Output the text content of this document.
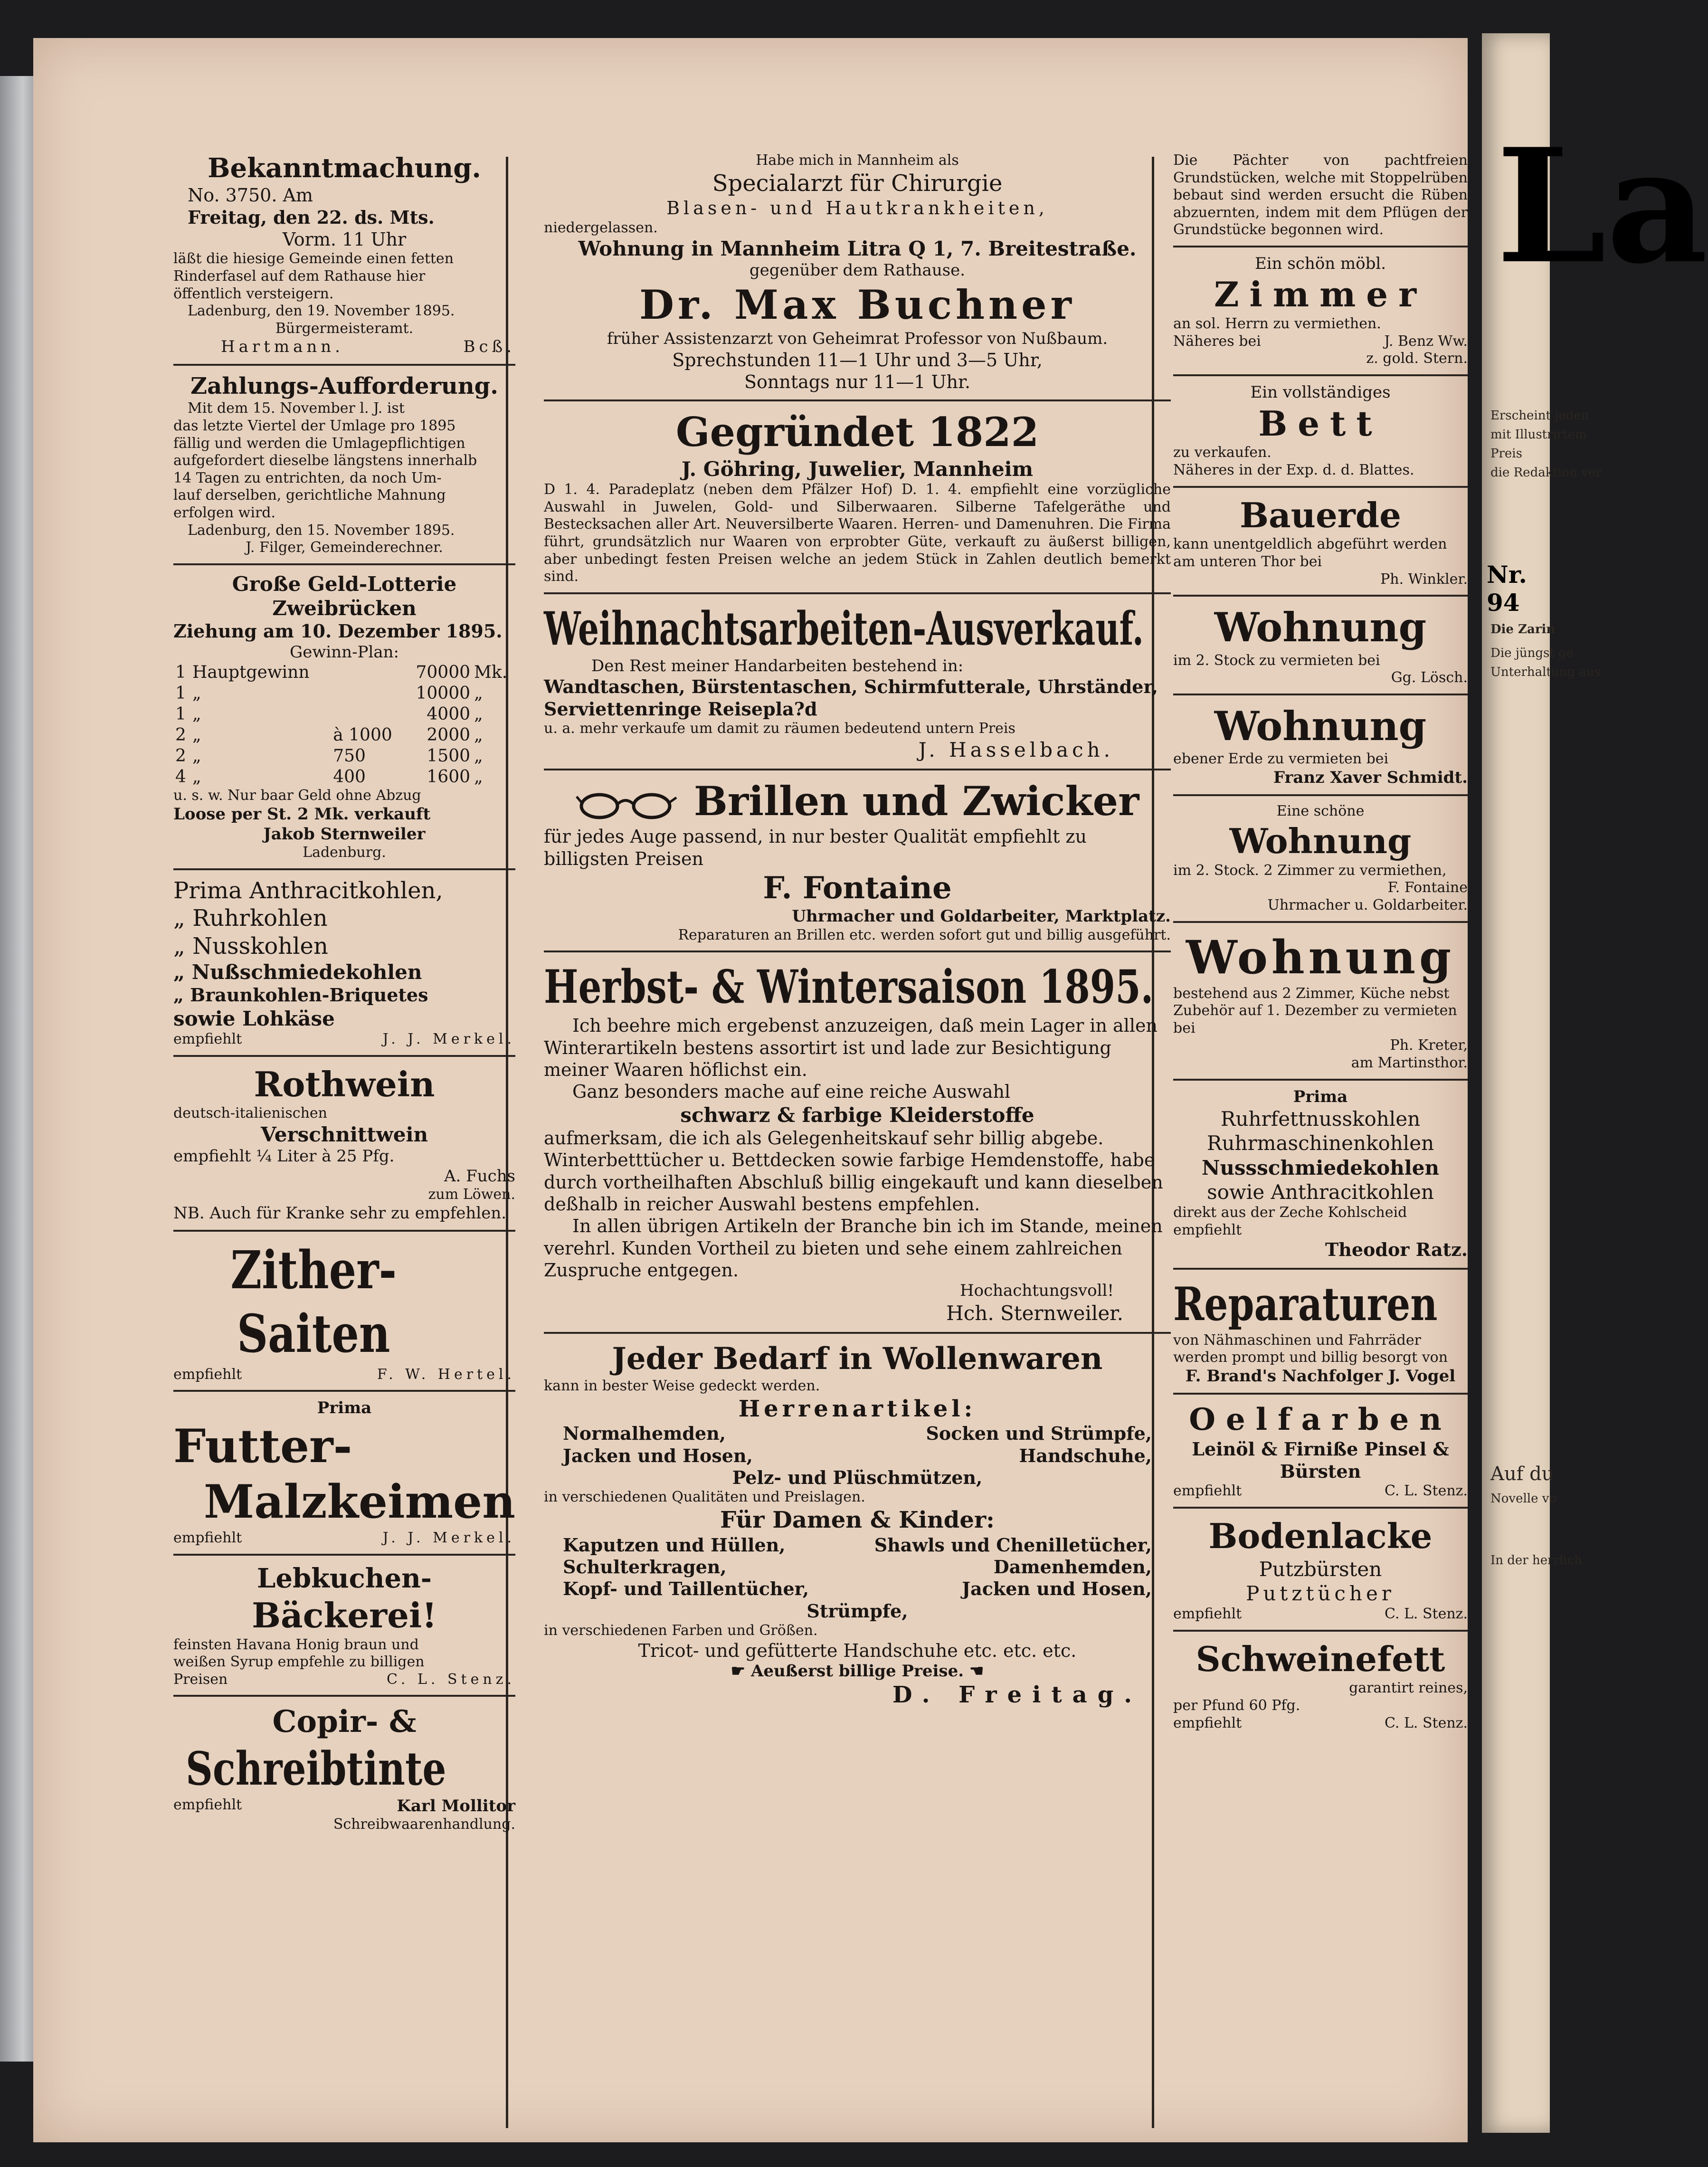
Bekanntmachung.
No. 3750. Am
Freitag, den 22. ds. Mts.
Vorm. 11 Uhr
läßt die hiesige Gemeinde einen fetten
Rinderfasel auf dem Rathause hier
öffentlich versteigern.
Ladenburg, den 19. November 1895.
Bürgermeisteramt.
Hartmann.	Bcß.
Zahlungs-Aufforderung.
Mit dem 15. November l. J. ist
das letzte Viertel der Umlage pro 1895
fällig und werden die Umlagepflichtigen
aufgefordert dieselbe längstens innerhalb
14 Tagen zu entrichten, da noch Um-
lauf derselben, gerichtliche Mahnung
erfolgen wird.
Ladenburg, den 15. November 1895.
J. Filger, Gemeinderechner.
Große Geld-Lotterie
Zweibrücken
Ziehung am 10. Dezember 1895.
Gewinn-Plan:
1	Hauptgewinn		70000	Mk.
1	„		10000	„
1	„		4000	„
2	„	à 1000	2000	„
2	„	750	1500	„
4	„	400	1600	„
u. s. w. Nur baar Geld ohne Abzug
Loose per St. 2 Mk. verkauft
Jakob Sternweiler
Ladenburg.
Prima Anthracitkohlen,
„ Ruhrkohlen
„ Nusskohlen
„ Nußschmiedekohlen
„ Braunkohlen-Briquetes
sowie Lohkäse
empfiehlt	J. J. Merkel.
Rothwein
deutsch-italienischen
Verschnittwein
empfiehlt ¼ Liter à 25 Pfg.
A. Fuchs
zum Löwen.
NB. Auch für Kranke sehr zu empfehlen.
Zither-Saiten
empfiehlt	F. W. Hertel.
Prima
Futter-
Malzkeimen
empfiehlt	J. J. Merkel.
Lebkuchen-
Bäckerei!
feinsten Havana Honig braun und
weißen Syrup empfehle zu billigen
Preisen	C. L. Stenz.
Copir- &
Schreibtinte
empfiehlt	Karl Mollitor
Schreibwaarenhandlung.
Habe mich in Mannheim als
Specialarzt für Chirurgie
Blasen- und Hautkrankheiten,
niedergelassen.
Wohnung in Mannheim Litra Q 1, 7. Breitestraße.
gegenüber dem Rathause.
Dr. Max Buchner
früher Assistenzarzt von Geheimrat Professor von Nußbaum.
Sprechstunden 11—1 Uhr und 3—5 Uhr,
Sonntags nur 11—1 Uhr.
Gegründet 1822
J. Göhring, Juwelier, Mannheim
D 1. 4. Paradeplatz (neben dem Pfälzer Hof) D. 1. 4. empfiehlt eine vorzügliche Auswahl in Juwelen, Gold- und Silberwaaren. Silberne Tafelgeräthe und Bestecksachen aller Art. Neuversilberte Waaren. Herren- und Damenuhren. Die Firma führt, grundsätzlich nur Waaren von erprobter Güte, verkauft zu äußerst billigen, aber unbedingt festen Preisen welche an jedem Stück in Zahlen deutlich bemerkt sind.
Weihnachtsarbeiten-Ausverkauf.
Den Rest meiner Handarbeiten bestehend in:
Wandtaschen, Bürstentaschen, Schirmfutterale, Uhrständer, Serviettenringe Reisepla?d
u. a. mehr verkaufe um damit zu räumen bedeutend untern Preis
J. Hasselbach.
Brillen und Zwicker
für jedes Auge passend, in nur bester Qualität empfiehlt zu billigsten Preisen
F. Fontaine
Uhrmacher und Goldarbeiter, Marktplatz.
Reparaturen an Brillen etc. werden sofort gut und billig ausgeführt.
Herbst- & Wintersaison 1895.
Ich beehre mich ergebenst anzuzeigen, daß mein Lager in allen Winterartikeln bestens assortirt ist und lade zur Besichtigung meiner Waaren höflichst ein.
Ganz besonders mache auf eine reiche Auswahl
schwarz & farbige Kleiderstoffe
aufmerksam, die ich als Gelegenheitskauf sehr billig abgebe. Winterbetttücher u. Bettdecken sowie farbige Hemdenstoffe, habe durch vortheilhaften Abschluß billig eingekauft und kann dieselben deßhalb in reicher Auswahl bestens empfehlen.
In allen übrigen Artikeln der Branche bin ich im Stande, meinen verehrl. Kunden Vortheil zu bieten und sehe einem zahlreichen Zuspruche entgegen.
Hochachtungsvoll!
Hch. Sternweiler.
Jeder Bedarf in Wollenwaren
kann in bester Weise gedeckt werden.
Herrenartikel:
Normalhemden,	Socken und Strümpfe,
Jacken und Hosen,	Handschuhe,
Pelz- und Plüschmützen,
in verschiedenen Qualitäten und Preislagen.
Für Damen & Kinder:
Kaputzen und Hüllen,	Shawls und Chenilletücher,
Schulterkragen,	Damenhemden,
Kopf- und Taillentücher,	Jacken und Hosen,
Strümpfe,
in verschiedenen Farben und Größen.
Tricot- und gefütterte Handschuhe etc. etc. etc.
☛ Aeußerst billige Preise. ☚
D. Freitag.
Die Pächter von pachtfreien Grundstücken, welche mit Stoppelrüben bebaut sind werden ersucht die Rüben abzuernten, indem mit dem Pflügen der Grundstücke begonnen wird.
Ein schön möbl.
Zimmer
an sol. Herrn zu vermiethen.
Näheres bei	J. Benz Ww.
z. gold. Stern.
Ein vollständiges
Bett
zu verkaufen.
Näheres in der Exp. d. d. Blattes.
Bauerde
kann unentgeldlich abgeführt werden am unteren Thor bei
Ph. Winkler.
Wohnung
im 2. Stock zu vermieten bei
Gg. Lösch.
Wohnung
ebener Erde zu vermieten bei
Franz Xaver Schmidt.
Eine schöne
Wohnung
im 2. Stock. 2 Zimmer zu vermiethen,
F. Fontaine
Uhrmacher u. Goldarbeiter.
Wohnung
bestehend aus 2 Zimmer, Küche nebst Zubehör auf 1. Dezember zu vermieten bei
Ph. Kreter,
am Martinsthor.
Prima
Ruhrfettnusskohlen
Ruhrmaschinenkohlen
Nussschmiedekohlen
sowie Anthracitkohlen
direkt aus der Zeche Kohlscheid empfiehlt
Theodor Ratz.
Reparaturen
von Nähmaschinen und Fahrräder werden prompt und billig besorgt von
F. Brand's Nachfolger J. Vogel
Oelfarben
Leinöl & Firniße Pinsel &
Bürsten
empfiehlt	C. L. Stenz.
Bodenlacke
Putzbürsten
Putztücher
empfiehlt	C. L. Stenz.
Schweinefett
garantirt reines,
per Pfund 60 Pfg.
empfiehlt	C. L. Stenz.
La
Erscheint jeden
mit Illustrirtem
Preis
die Redaktion ver
Nr. 94
Die Zarin
Die jüngst ge
Unterhaltung aus
Auf du
Novelle vo
In der herrlich
